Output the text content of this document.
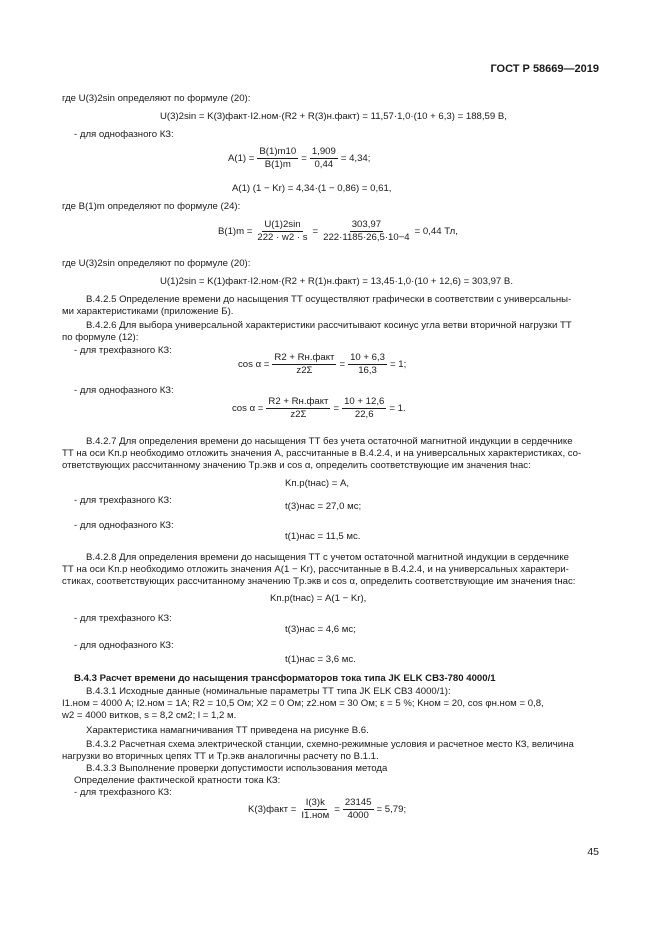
ГОСТ Р 58669—2019
где U(3)2sin определяют по формуле (20):
U(3)2sin = K(3)факт·I2.ном·(R2 + R(3)н.факт) = 11,57·1,0·(10 + 6,3) = 188,59 В,
- для однофазного КЗ:
$A(1) = \frac{B(1)m10}{B(1)m} = \frac{1,909}{0,44} = 4,34$;
A(1) (1 − Kr) = 4,34·(1 − 0,86) = 0,61,
где B(1)m определяют по формуле (24):
$B(1)m = \frac{U(1)2\sin}{222 \cdot w2 \cdot s} = \frac{303,97}{222\cdot 1185\cdot 26,5\cdot 10-4} = 0,44$ Тл,
где U(3)2sin определяют по формуле (20):
U(1)2sin = K(1)факт·I2.ном·(R2 + R(1)н.факт) = 13,45·1,0·(10 + 12,6) = 303,97 В.
В.4.2.5 Определение времени до насыщения ТТ осуществляют графически в соответствии с универсальны-
ми характеристиками (приложение Б).
В.4.2.6 Для выбора универсальной характеристики рассчитывают косинус угла ветви вторичной нагрузки ТТ
по формуле (12):
- для трехфазного КЗ:
cos α =
R2 + Rн.факт
z2Σ
= $\frac{10 + 6,3}{16,3} = 1$;
- для однофазного КЗ:
cos α =
R2 + Rн.факт
z2Σ
= $\frac{10 + 12,6}{22,6} = 1$.
В.4.2.7 Для определения времени до насыщения ТТ без учета остаточной магнитной индукции в сердечнике
ТТ на оси Kп.р необходимо отложить значения А, рассчитанные в В.4.2.4, и на универсальных характеристиках, со-
ответствующих рассчитанному значению Tр.экв и cos α, определить соответствующие им значения tнас:
Kп.р(tнас) = A,
- для трехфазного КЗ:
t(3)нас = 27,0 мс;
- для однофазного КЗ:
t(1)нас = 11,5 мс.
В.4.2.8 Для определения времени до насыщения ТТ с учетом остаточной магнитной индукции в сердечнике
ТТ на оси Kп.р необходимо отложить значения A(1 − Kr), рассчитанные в В.4.2.4, и на универсальных характери-
стиках, соответствующих рассчитанному значению Tр.экв и cos α, определить соответствующие им значения tнас:
Kп.р(tнас) = A(1 − Kr),
- для трехфазного КЗ:
t(3)нас = 4,6 мс;
- для однофазного КЗ:
t(1)нас = 3,6 мс.
В.4.3 Расчет времени до насыщения трансформаторов тока типа JK ELK CB3-780 4000/1
В.4.3.1 Исходные данные (номинальные параметры ТТ типа JK ELK CB3 4000/1):
I1.ном = 4000 А; I2.ном = 1А; R2 = 10,5 Ом; X2 = 0 Ом; z2.ном = 30 Ом; ε = 5 %; Kном = 20, cos φн.ном = 0,8,
w2 = 4000 витков, s = 8,2 см2; l = 1,2 м.
Характеристика намагничивания ТТ приведена на рисунке В.6.
В.4.3.2 Расчетная схема электрической станции, схемно-режимные условия и расчетное место КЗ, величина
нагрузки во вторичных цепях ТТ и Tр.экв аналогичны расчету по В.1.1.
В.4.3.3 Выполнение проверки допустимости использования метода
Определение фактической кратности тока КЗ:
- для трехфазного КЗ:
K(3)факт =
I(3)k
I1.ном
= $\frac{23145}{4000} = 5,79$;
45
